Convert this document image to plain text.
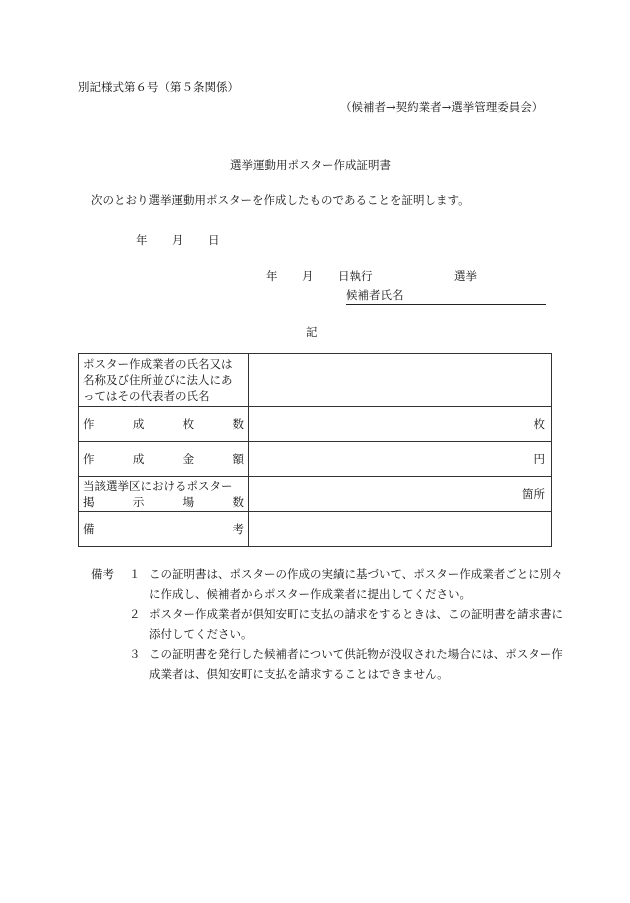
別記様式第６号（第５条関係）
（候補者→契約業者→選挙管理委員会）
選挙運動用ポスター作成証明書
次のとおり選挙運動用ポスターを作成したものであることを証明します。
年 月 日
年 月 日執行	選挙
候補者氏名
記
ポスター作成業者の氏名又は
名称及び住所並びに法人にあ
ってはその代表者の氏名	

作 成 枚 数	枚

作 成 金 額	円

当該選挙区におけるポスター
掲 示 場 数	箇所

備 考	

備考	１ この証明書は、ポスターの作成の実績に基づいて、ポスター作成業者ごとに別々に作成し、候補者からポスター作成業者に提出してください。
２ ポスター作成業者が倶知安町に支払の請求をするときは、この証明書を請求書に添付してください。
３ この証明書を発行した候補者について供託物が没収された場合には、ポスター作成業者は、倶知安町に支払を請求することはできません。
